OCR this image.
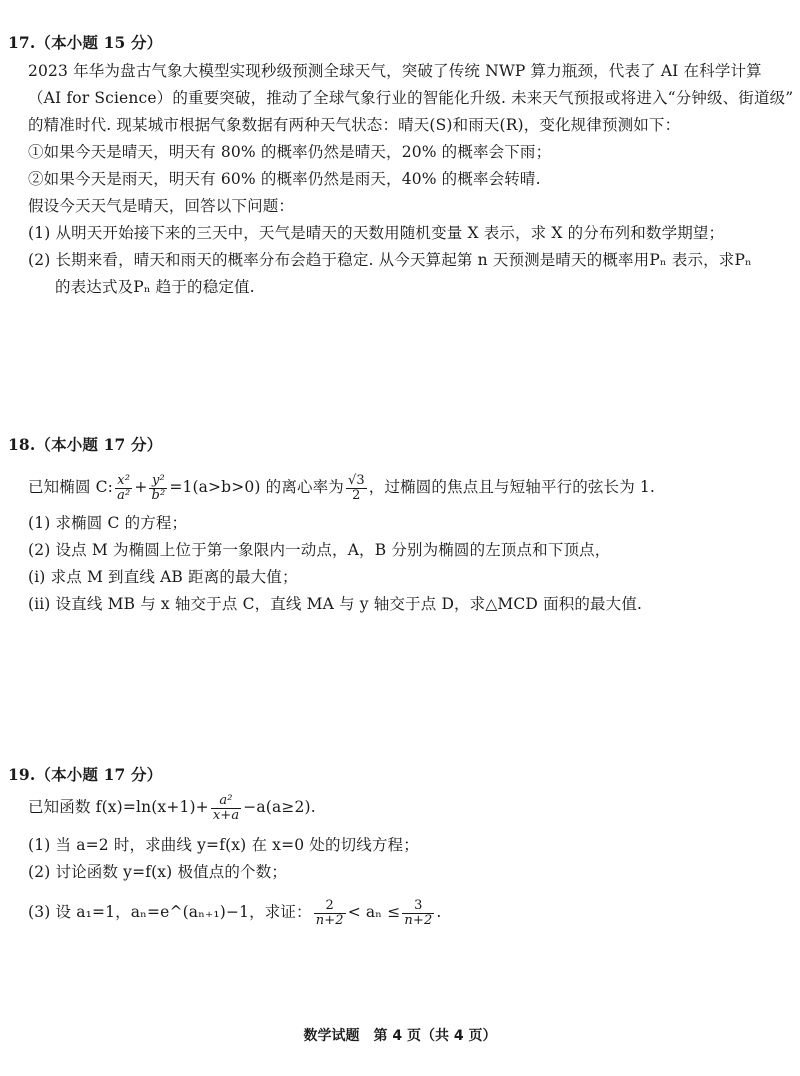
17.（本小题 15 分）
2023 年华为盘古气象大模型实现秒级预测全球天气，突破了传统 NWP 算力瓶颈，代表了 AI 在科学计算
（AI for Science）的重要突破，推动了全球气象行业的智能化升级. 未来天气预报或将进入“分钟级、街道级”
的精准时代. 现某城市根据气象数据有两种天气状态：晴天(S)和雨天(R)，变化规律预测如下：
①如果今天是晴天，明天有 80% 的概率仍然是晴天，20% 的概率会下雨；
②如果今天是雨天，明天有 60% 的概率仍然是雨天，40% 的概率会转晴.
假设今天天气是晴天，回答以下问题：
(1) 从明天开始接下来的三天中，天气是晴天的天数用随机变量 X 表示，求 X 的分布列和数学期望；
(2) 长期来看，晴天和雨天的概率分布会趋于稳定. 从今天算起第 n 天预测是晴天的概率用Pₙ 表示，求Pₙ
的表达式及Pₙ 趋于的稳定值.
18.（本小题 17 分）
已知椭圆 C: $\frac{\text{x²}}{\text{a²}} + \frac{\text{y²}}{\text{b²}} =1(a>b>0)$ 的离心率为 $\frac{√3}{2}$ ，过椭圆的焦点且与短轴平行的弦长为 1.
(1) 求椭圆 C 的方程；
(2) 设点 M 为椭圆上位于第一象限内一动点，A，B 分别为椭圆的左顶点和下顶点，
(ⅰ) 求点 M 到直线 AB 距离的最大值；
(ⅱ) 设直线 MB 与 x 轴交于点 C，直线 MA 与 y 轴交于点 D，求△MCD 面积的最大值.
19.（本小题 17 分）
已知函数 $f(x)=\ln(x+1)+ \frac{\text{a²}}{x+a} -a(a\ge 2)$.
(1) 当 a=2 时，求曲线 y=f(x) 在 x=0 处的切线方程；
(2) 讨论函数 y=f(x) 极值点的个数；
(3) 设 a₁=1，aₙ=e^(aₙ₊₁)−1，求证： $\frac{2}{n+2} < a_n \le \frac{3}{n+2}$ .
数学试题　第 4 页（共 4 页）
